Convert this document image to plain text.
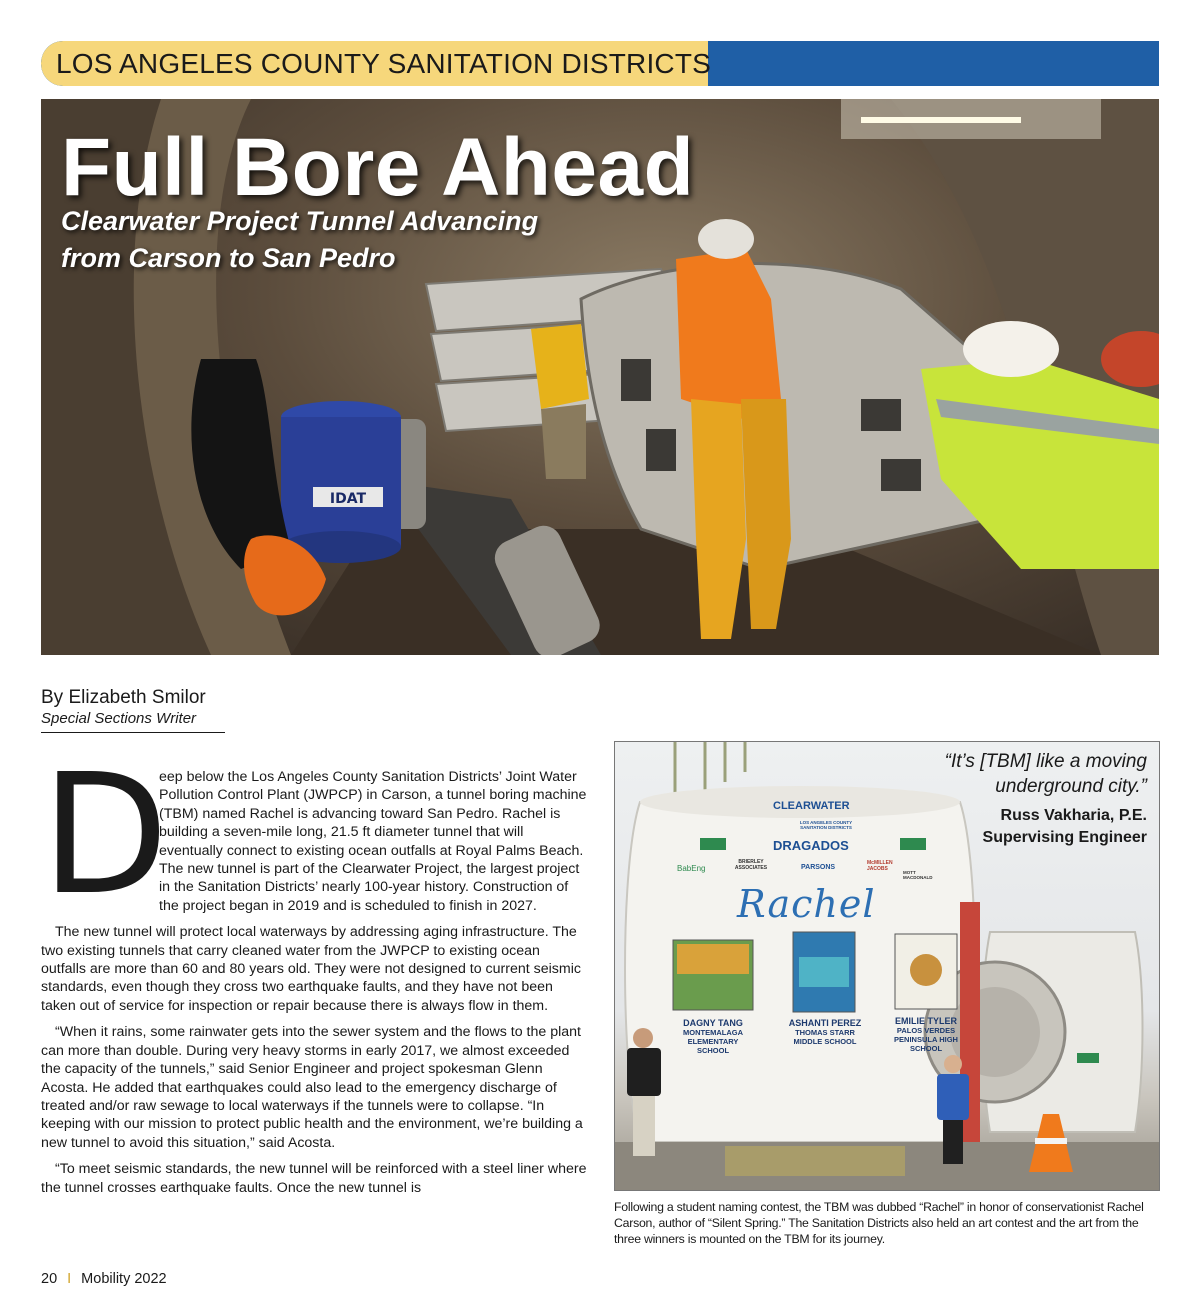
LOS ANGELES COUNTY SANITATION DISTRICTS
IDAT
Full Bore Ahead
Clearwater Project Tunnel Advancing
from Carson to San Pedro
By Elizabeth Smilor
Special Sections Writer
D
eep below the Los Angeles County Sanitation Districts’ Joint Water Pollution Control Plant (JWPCP) in Carson, a tunnel boring machine (TBM) named Rachel is advancing toward San Pedro. Rachel is building a seven-mile long, 21.5 ft diameter tunnel that will eventually connect to existing ocean outfalls at Royal Palms Beach. The new tunnel is part of the Clearwater Project, the largest project in the Sanitation Districts’ nearly 100-year history. Construction of the project began in 2019 and is scheduled to finish in 2027.
The new tunnel will protect local waterways by addressing aging infrastructure. The two existing tunnels that carry cleaned water from the JWPCP to existing ocean outfalls are more than 60 and 80 years old. They were not designed to current seismic standards, even though they cross two earthquake faults, and they have not been taken out of service for inspection or repair because there is always flow in them.
“When it rains, some rainwater gets into the sewer system and the flows to the plant can more than double. During very heavy storms in early 2017, we almost exceeded the capacity of the tunnels,” said Senior Engineer and project spokesman Glenn Acosta. He added that earthquakes could also lead to the emergency discharge of treated and/or raw sewage to local waterways if the tunnels were to collapse. “In keeping with our mission to protect public health and the environment, we’re building a new tunnel to avoid this situation,” said Acosta.
“To meet seismic standards, the new tunnel will be reinforced with a steel liner where the tunnel crosses earthquake faults. Once the new tunnel is
“It’s [TBM] like a moving
underground city.”
Russ Vakharia, P.E.
Supervising Engineer
CLEARWATER
LOS ANGELES COUNTY SANITATION DISTRICTS
DRAGADOS
BabEng
BRIERLEY ASSOCIATES	PARSONS
McMILLEN JACOBS
MOTT MACDONALD
Rachel
DAGNY TANG
MONTEMALAGA ELEMENTARY SCHOOL
ASHANTI PEREZ
THOMAS STARR MIDDLE SCHOOL
EMILIE TYLER
PALOS VERDES PENINSULA HIGH SCHOOL
Following a student naming contest, the TBM was dubbed “Rachel” in honor of conservationist Rachel Carson, author of “Silent Spring.” The Sanitation Districts also held an art contest and the art from the three winners is mounted on the TBM for its journey.
20 I Mobility 2022
